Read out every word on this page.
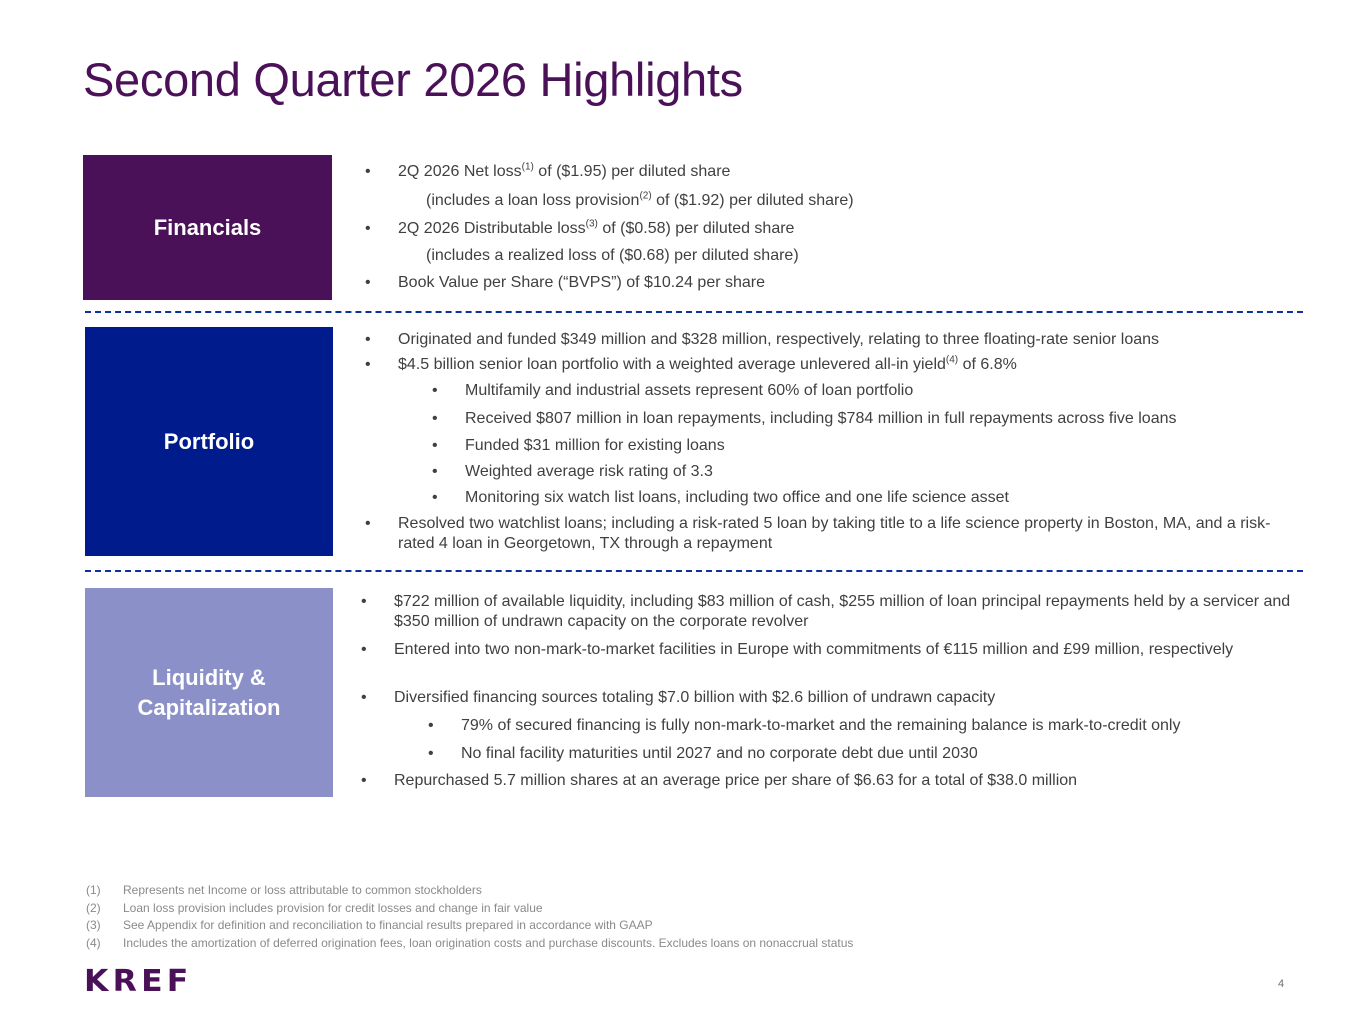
Second Quarter 2026 Highlights
Financials
• 2Q 2026 Net loss$^{(1)}$ of ($1.95) per diluted share
(includes a loan loss provision$^{(2)}$ of ($1.92) per diluted share)
• 2Q 2026 Distributable loss$^{(3)}$ of ($0.58) per diluted share
(includes a realized loss of ($0.68) per diluted share)
• Book Value per Share (“BVPS”) of $10.24 per share
Portfolio
• Originated and funded $349 million and $328 million, respectively, relating to three floating-rate senior loans
• $4.5 billion senior loan portfolio with a weighted average unlevered all-in yield$^{(4)}$ of 6.8%
• Multifamily and industrial assets represent 60% of loan portfolio
• Received $807 million in loan repayments, including $784 million in full repayments across five loans
• Funded $31 million for existing loans
• Weighted average risk rating of 3.3
• Monitoring six watch list loans, including two office and one life science asset
• Resolved two watchlist loans; including a risk-rated 5 loan by taking title to a life science property in Boston, MA, and a risk-rated 4 loan in Georgetown, TX through a repayment
Liquidity &
Capitalization
• $722 million of available liquidity, including $83 million of cash, $255 million of loan principal repayments held by a servicer and $350 million of undrawn capacity on the corporate revolver
• Entered into two non-mark-to-market facilities in Europe with commitments of €115 million and £99 million, respectively
• Diversified financing sources totaling $7.0 billion with $2.6 billion of undrawn capacity
• 79% of secured financing is fully non-mark-to-market and the remaining balance is mark-to-credit only
• No final facility maturities until 2027 and no corporate debt due until 2030
• Repurchased 5.7 million shares at an average price per share of $6.63 for a total of $38.0 million
(1) Represents net Income or loss attributable to common stockholders
(2) Loan loss provision includes provision for credit losses and change in fair value
(3) See Appendix for definition and reconciliation to financial results prepared in accordance with GAAP
(4) Includes the amortization of deferred origination fees, loan origination costs and purchase discounts. Excludes loans on nonaccrual status
KREF	4
